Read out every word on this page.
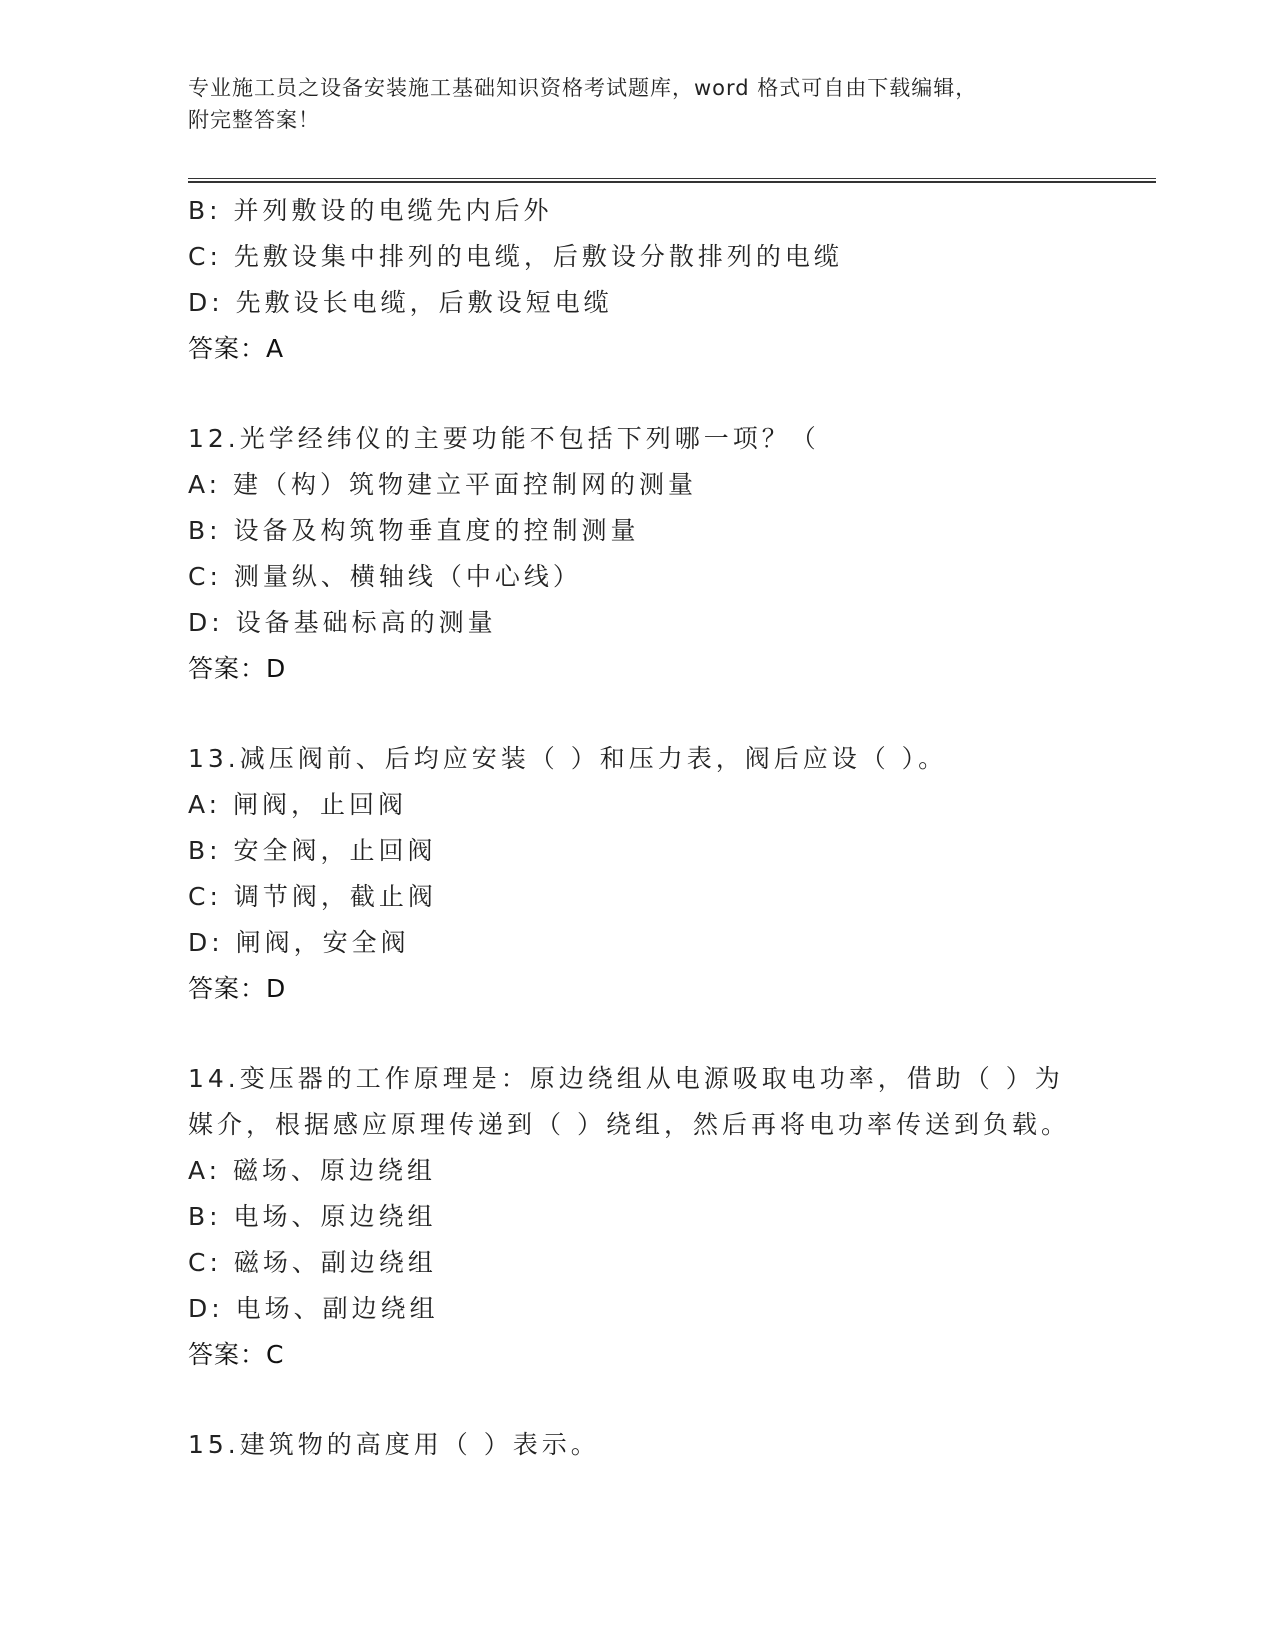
专业施工员之设备安装施工基础知识资格考试题库，word 格式可自由下载编辑，
附完整答案！
B: 并列敷设的电缆先内后外
C: 先敷设集中排列的电缆，后敷设分散排列的电缆
D: 先敷设长电缆，后敷设短电缆
答案：A
12.光学经纬仪的主要功能不包括下列哪一项？（
A: 建（构）筑物建立平面控制网的测量
B: 设备及构筑物垂直度的控制测量
C: 测量纵、横轴线（中心线）
D: 设备基础标高的测量
答案：D
13.减压阀前、后均应安装（ ）和压力表，阀后应设（ ）。
A: 闸阀，止回阀
B: 安全阀，止回阀
C: 调节阀，截止阀
D: 闸阀，安全阀
答案：D
14.变压器的工作原理是：原边绕组从电源吸取电功率，借助（ ）为
媒介，根据感应原理传递到（ ）绕组，然后再将电功率传送到负载。
A: 磁场、原边绕组
B: 电场、原边绕组
C: 磁场、副边绕组
D: 电场、副边绕组
答案：C
15.建筑物的高度用（ ）表示。
